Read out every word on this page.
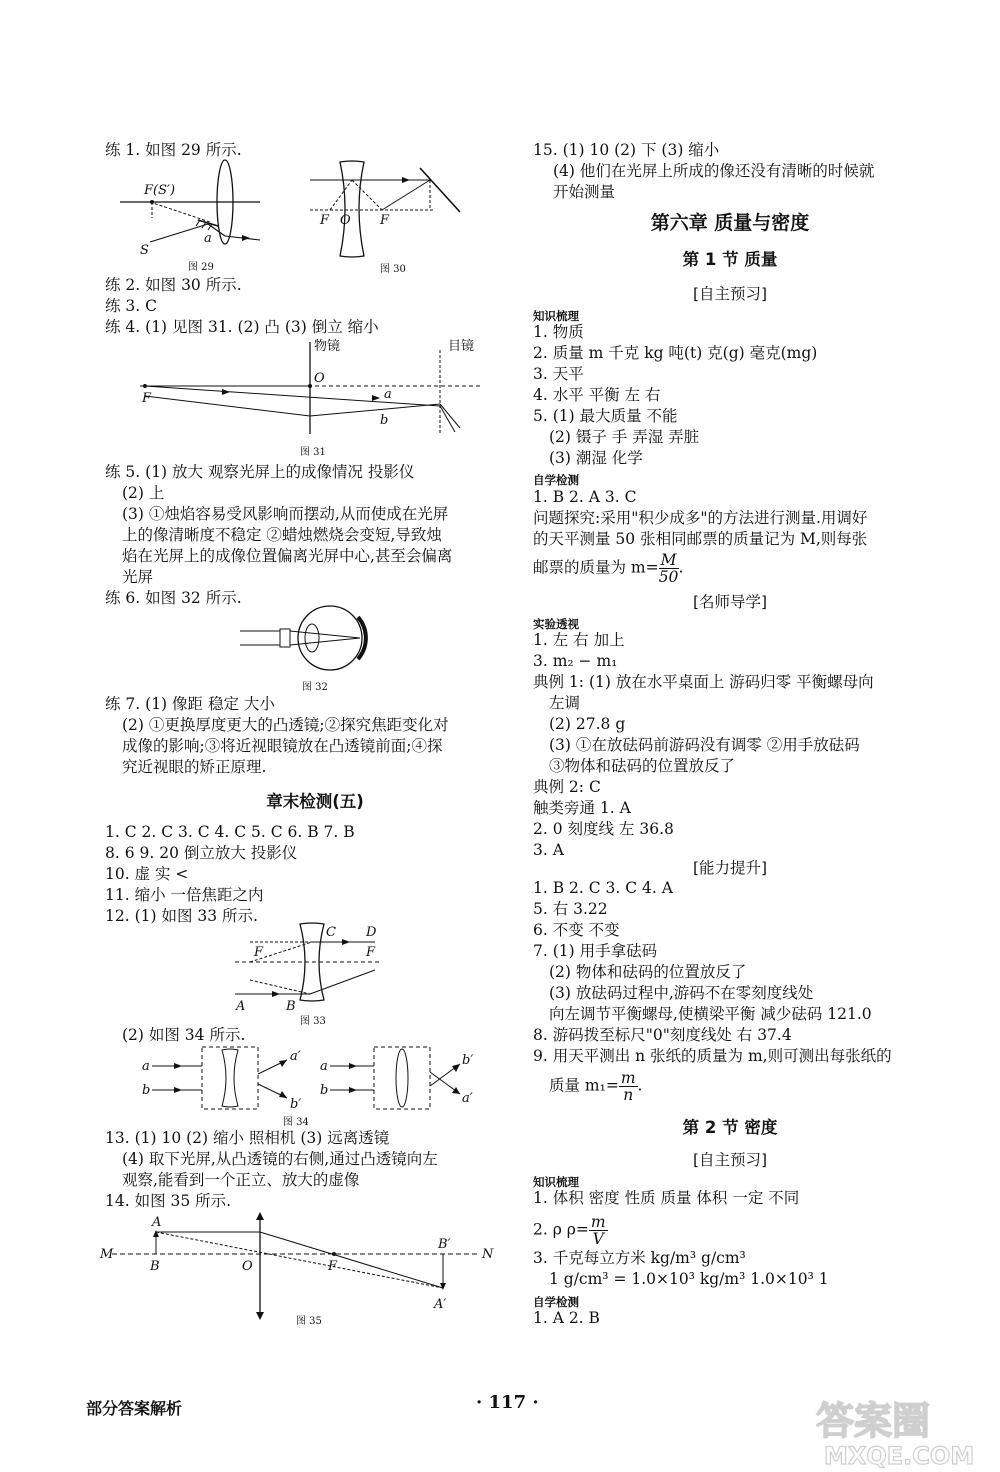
练 1. 如图 29 所示.
F(S′)
S
a
图 29
F O F
图 30
练 2. 如图 30 所示.
练 3. C
练 4. (1) 见图 31. (2) 凸 (3) 倒立 缩小
物镜	目镜
O
F	a
b
图 31
练 5. (1) 放大 观察光屏上的成像情况 投影仪
(2) 上
(3) ①烛焰容易受风影响而摆动,从而使成在光屏
上的像清晰度不稳定 ②蜡烛燃烧会变短,导致烛
焰在光屏上的成像位置偏离光屏中心,甚至会偏离
光屏
练 6. 如图 32 所示.
图 32
练 7. (1) 像距 稳定 大小
(2) ①更换厚度更大的凸透镜;②探究焦距变化对
成像的影响;③将近视眼镜放在凸透镜前面;④探
究近视眼的矫正原理.
章末检测(五)
1. C 2. C 3. C 4. C 5. C 6. B 7. B
8. 6 9. 20 倒立放大 投影仪
10. 虚 实 <
11. 缩小 一倍焦距之内
12. (1) 如图 33 所示.
C D
F	F
A	B
图 33
(2) 如图 34 所示.
a
b
a′
b′
a
b
b′
a′
图 34
13. (1) 10 (2) 缩小 照相机 (3) 远离透镜
(4) 取下光屏,从凸透镜的右侧,通过凸透镜向左
观察,能看到一个正立、放大的虚像
14. 如图 35 所示.
A
B
M
O	F
B′
N
A′
图 35
15. (1) 10 (2) 下 (3) 缩小
(4) 他们在光屏上所成的像还没有清晰的时候就
开始测量
第六章 质量与密度
第 1 节 质量
[自主预习]
知识梳理
1. 物质
2. 质量 m 千克 kg 吨(t) 克(g) 毫克(mg)
3. 天平
4. 水平 平衡 左 右
5. (1) 最大质量 不能
(2) 镊子 手 弄湿 弄脏
(3) 潮湿 化学
自学检测
1. B 2. A 3. C
问题探究:采用"积少成多"的方法进行测量.用调好
的天平测量 50 张相同邮票的质量记为 M,则每张
邮票的质量为 $m= \frac{M}{50}$ .
[名师导学]
实验透视
1. 左 右 加上
3. m₂ − m₁
典例 1: (1) 放在水平桌面上 游码归零 平衡螺母向
左调
(2) 27.8 g
(3) ①在放砝码前游码没有调零 ②用手放砝码
③物体和砝码的位置放反了
典例 2: C
触类旁通 1. A
2. 0 刻度线 左 36.8
3. A
[能力提升]
1. B 2. C 3. C 4. A
5. 右 3.22
6. 不变 不变
7. (1) 用手拿砝码
(2) 物体和砝码的位置放反了
(3) 放砝码过程中,游码不在零刻度线处
向左调节平衡螺母,使横梁平衡 减少砝码 121.0
8. 游码拨至标尺"0"刻度线处 右 37.4
9. 用天平测出 n 张纸的质量为 m,则可测出每张纸的
质量 $m_1= \frac{m}{n}$ .
第 2 节 密度
[自主预习]
知识梳理
1. 体积 密度 性质 质量 体积 一定 不同
2. ρ $\rho= \frac{m}{V}$
3. 千克每立方米 kg/m³ g/cm³
1 g/cm³ = 1.0×10³ kg/m³ 1.0×10³ 1
自学检测
1. A 2. B
部分答案解析	· 117 ·	答案圈
MXQE.COM
